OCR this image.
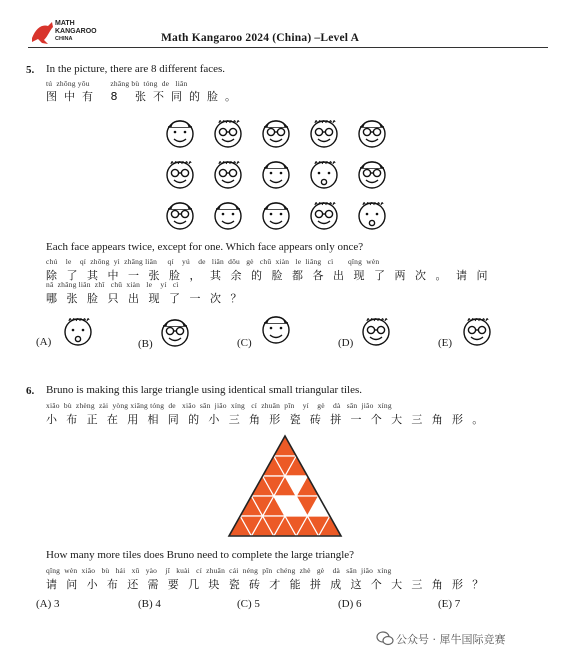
MATH
KANGAROO
CHINA	Math Kangaroo 2024 (China) –Level A
5. In the picture, there are 8 different faces.
tú  zhōng yǒu          zhāng bù  tóng  de   liǎn
图中有 8 张不同的脸。
Each face appears twice, except for one. Which face appears only once?
chú    le    qí  zhōng  yì  zhāng liǎn     qí    yú    de   liǎn  dōu   gè   chū  xiàn   le  liǎng   cì       qǐng  wèn
除了其中一张脸，其余的脸都各出现了两次。请问
nǎ  zhāng liǎn  zhǐ   chū  xiàn   le    yí   cì
哪张脸只出现了一次？
(A)	(B)	(C)	(D)	(E)
6. Bruno is making this large triangle using identical small triangular tiles.
xiǎo  bù  zhèng  zài  yòng xiāng tóng  de   xiǎo  sān  jiǎo  xíng   cí  zhuān  pīn    yí    gè    dà   sān  jiǎo  xíng
小布正在用相同的小三角形瓷砖拼一个大三角形。
How many more tiles does Bruno need to complete the large triangle?
qǐng  wèn  xiǎo   bù   hái   xū   yào    jǐ   kuài   cí  zhuān  cái  néng  pīn  chéng  zhè   gè    dà   sān  jiǎo  xíng
请问小布还需要几块瓷砖才能拼成这个大三角形？
(A) 3	(B) 4	(C) 5	(D) 6	(E) 7
公众号 · 犀牛国际竞赛
